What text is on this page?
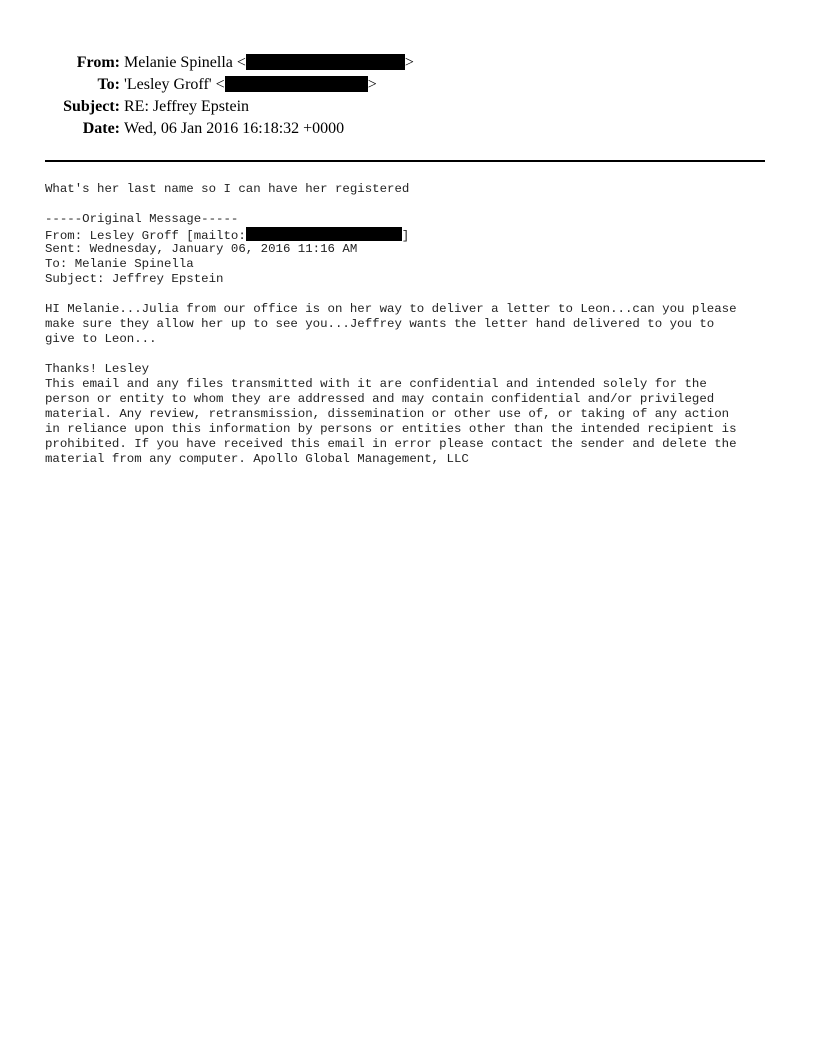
From: Melanie Spinella <	>
To: 'Lesley Groff' <	>
Subject: RE: Jeffrey Epstein
Date: Wed, 06 Jan 2016 16:18:32 +0000
What's her last name so I can have her registered
-----Original Message-----
From: Lesley Groff [mailto:	]
Sent: Wednesday, January 06, 2016 11:16 AM
To: Melanie Spinella
Subject: Jeffrey Epstein
HI Melanie...Julia from our office is on her way to deliver a letter to Leon...can you please
make sure they allow her up to see you...Jeffrey wants the letter hand delivered to you to
give to Leon...
Thanks! Lesley
This email and any files transmitted with it are confidential and intended solely for the
person or entity to whom they are addressed and may contain confidential and/or privileged
material. Any review, retransmission, dissemination or other use of, or taking of any action
in reliance upon this information by persons or entities other than the intended recipient is
prohibited. If you have received this email in error please contact the sender and delete the
material from any computer. Apollo Global Management, LLC
